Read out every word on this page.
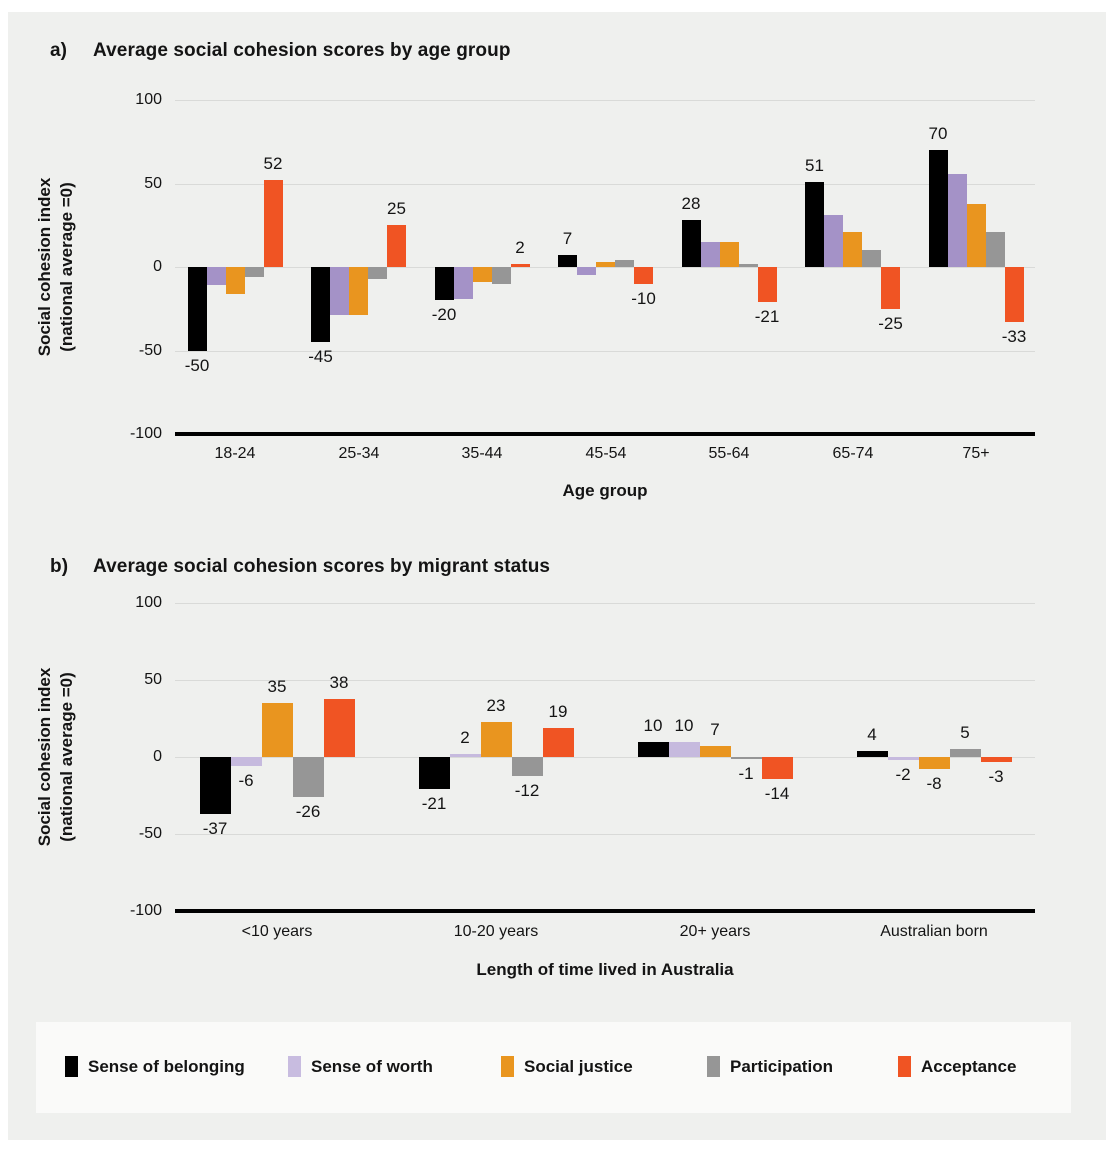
a)	Average social cohesion scores by age group
Social cohesion index (national average =0)
Age group
b)	Average social cohesion scores by migrant status
Social cohesion index (national average =0)
Length of time lived in Australia
100
50
0
-50
-100
18-24	25-34	35-44	45-54	55-64	65-74	75+
-50	-45
-20
7
28
51
70
52
25
2
-10
-21	-25
-33
100
50
0
-50
-100
<10 years	10-20 years	20+ years	Australian born
-37
-21
10	4
-6
2
10
-2
35
23
7
-8
-26
-12
-1
5
38
19
-14
-3
Sense of belonging	Sense of worth	Social justice	Participation	Acceptance
